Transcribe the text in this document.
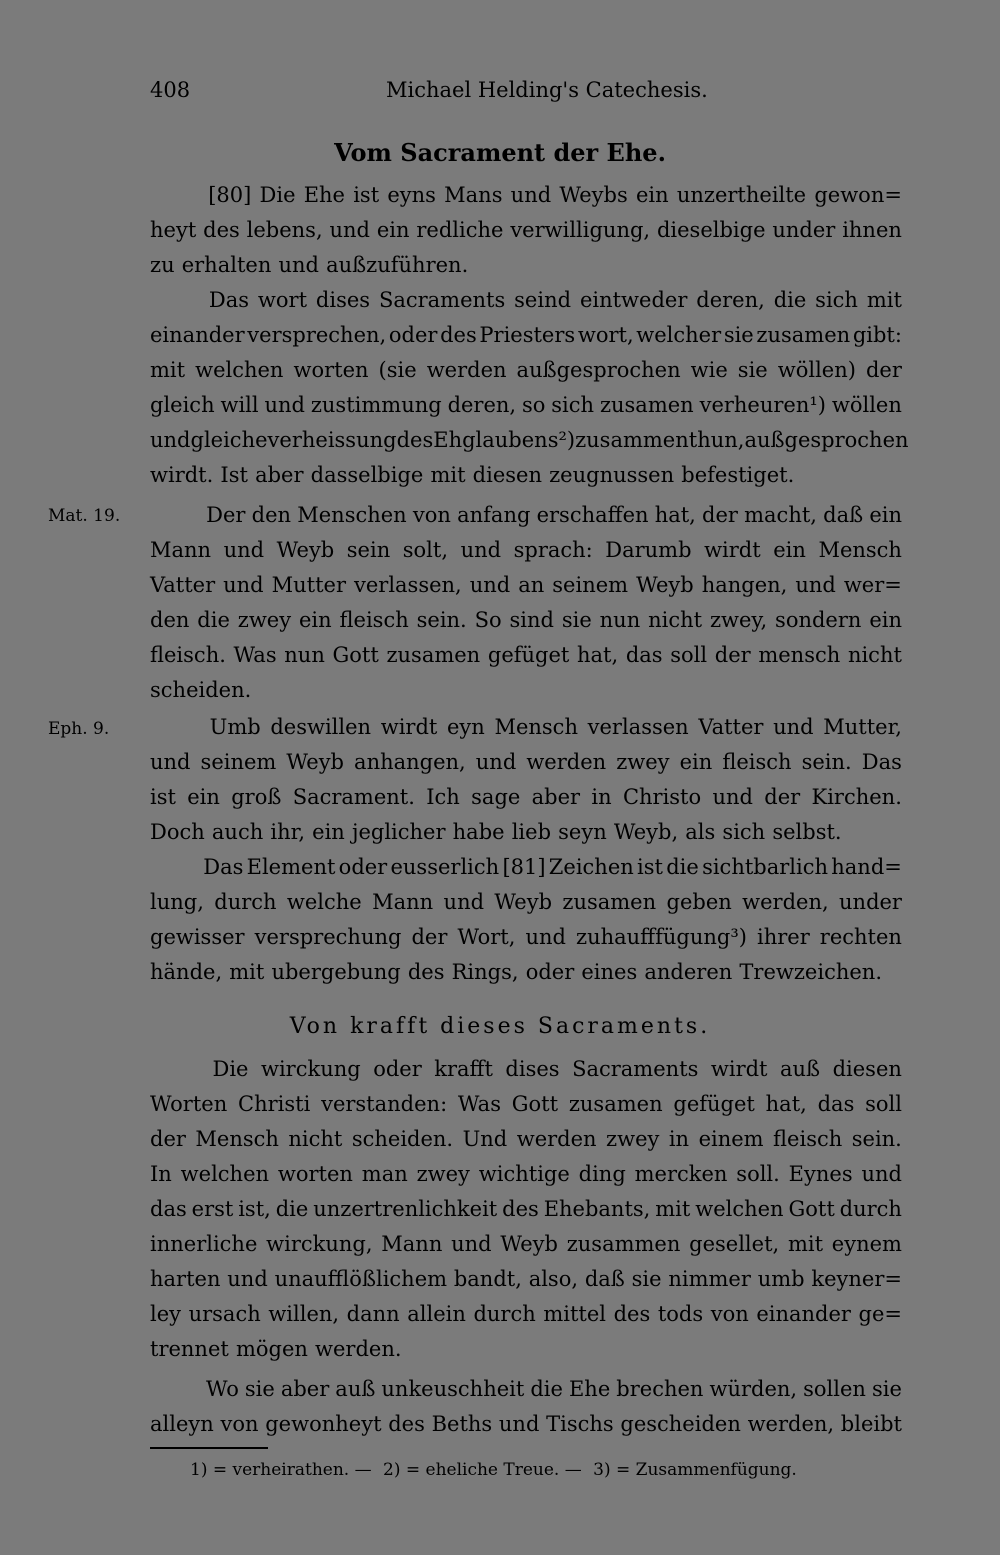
408	Michael Helding's Catechesis.
Vom Sacrament der Ehe.
Von krafft dieses Sacraments.
Mat. 19.
Eph. 9.
[80] Die Ehe ist eyns Mans und Weybs ein unzertheilte gewon=
heyt des lebens, und ein redliche verwilligung, dieselbige under ihnen
zu erhalten und außzuführen.
Das wort dises Sacraments seind eintweder deren, die sich mit
einander versprechen, oder des Priesters wort, welcher sie zusamen gibt:
mit welchen worten (sie werden außgesprochen wie sie wöllen) der
gleich will und zustimmung deren, so sich zusamen verheuren¹) wöllen
und gleiche verheissung des Ehglaubens²) zusammen thun, außgesprochen
wirdt. Ist aber dasselbige mit diesen zeugnussen befestiget.
Der den Menschen von anfang erschaffen hat, der macht, daß ein
Mann und Weyb sein solt, und sprach: Darumb wirdt ein Mensch
Vatter und Mutter verlassen, und an seinem Weyb hangen, und wer=
den die zwey ein fleisch sein. So sind sie nun nicht zwey, sondern ein
fleisch. Was nun Gott zusamen gefüget hat, das soll der mensch nicht
scheiden.
Umb deswillen wirdt eyn Mensch verlassen Vatter und Mutter,
und seinem Weyb anhangen, und werden zwey ein fleisch sein. Das
ist ein groß Sacrament. Ich sage aber in Christo und der Kirchen.
Doch auch ihr, ein jeglicher habe lieb seyn Weyb, als sich selbst.
Das Element oder eusserlich [81] Zeichen ist die sichtbarlich hand=
lung, durch welche Mann und Weyb zusamen geben werden, under
gewisser versprechung der Wort, und zuhaufffügung³) ihrer rechten
hände, mit ubergebung des Rings, oder eines anderen Trewzeichen.
Die wirckung oder krafft dises Sacraments wirdt auß diesen
Worten Christi verstanden: Was Gott zusamen gefüget hat, das soll
der Mensch nicht scheiden. Und werden zwey in einem fleisch sein.
In welchen worten man zwey wichtige ding mercken soll. Eynes und
das erst ist, die unzertrenlichkeit des Ehebants, mit welchen Gott durch
innerliche wirckung, Mann und Weyb zusammen gesellet, mit eynem
harten und unaufflößlichem bandt, also, daß sie nimmer umb keyner=
ley ursach willen, dann allein durch mittel des tods von einander ge=
trennet mögen werden.
Wo sie aber auß unkeuschheit die Ehe brechen würden, sollen sie
alleyn von gewonheyt des Beths und Tischs gescheiden werden, bleibt
1) = verheirathen. — 2) = eheliche Treue. — 3) = Zusammenfügung.
